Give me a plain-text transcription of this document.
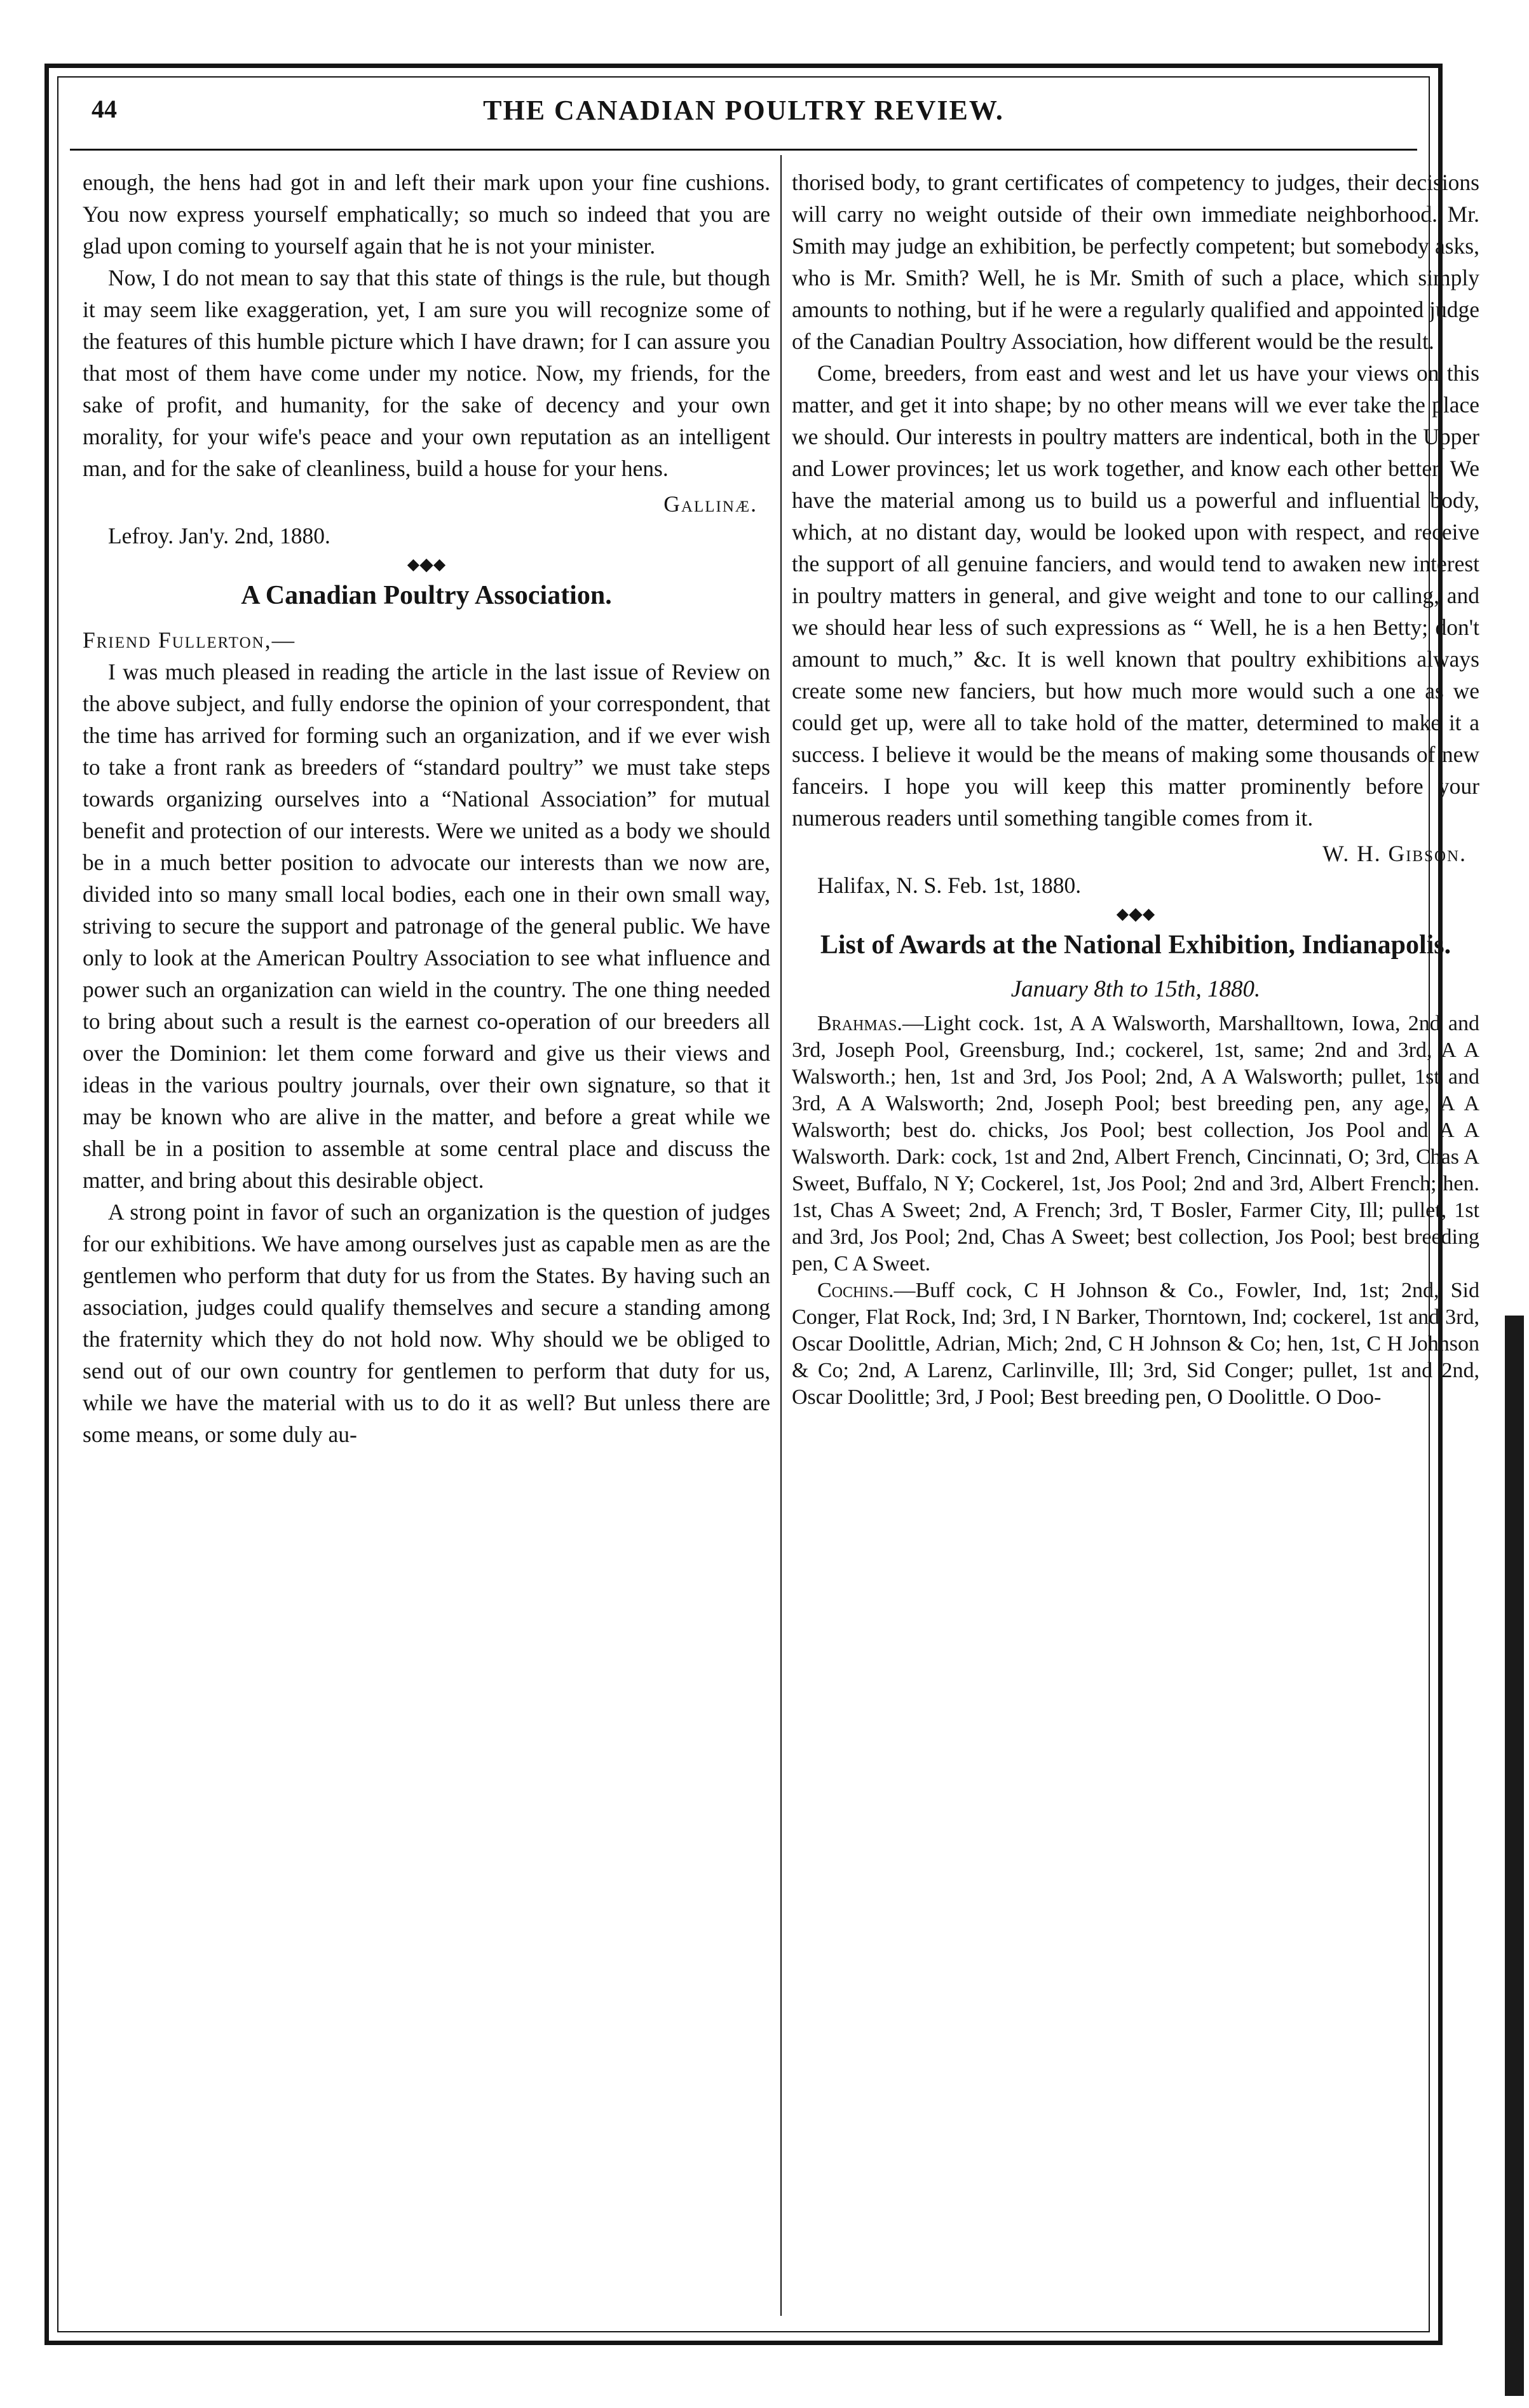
44	THE CANADIAN POULTRY REVIEW.

enough, the hens had got in and left their mark upon your fine cushions. You now express yourself emphatically; so much so indeed that you are glad upon coming to yourself again that he is not your minister.

Now, I do not mean to say that this state of things is the rule, but though it may seem like exaggeration, yet, I am sure you will recognize some of the features of this humble picture which I have drawn; for I can assure you that most of them have come under my notice. Now, my friends, for the sake of profit, and humanity, for the sake of decency and your own morality, for your wife's peace and your own reputation as an intelligent man, and for the sake of cleanliness, build a house for your hens.

Gallinæ.
Lefroy. Jan'y. 2nd, 1880.
⬥◆⬥
A Canadian Poultry Association.
Friend Fullerton,—

I was much pleased in reading the article in the last issue of Review on the above subject, and fully endorse the opinion of your correspondent, that the time has arrived for forming such an organization, and if we ever wish to take a front rank as breeders of “standard poultry” we must take steps towards organizing ourselves into a “National Association” for mutual benefit and protection of our interests. Were we united as a body we should be in a much better position to advocate our interests than we now are, divided into so many small local bodies, each one in their own small way, striving to secure the support and patronage of the general public. We have only to look at the American Poultry Association to see what influence and power such an organization can wield in the country. The one thing needed to bring about such a result is the earnest co-operation of our breeders all over the Dominion: let them come forward and give us their views and ideas in the various poultry journals, over their own signature, so that it may be known who are alive in the matter, and before a great while we shall be in a position to assemble at some central place and discuss the matter, and bring about this desirable object.

A strong point in favor of such an organization is the question of judges for our exhibitions. We have among ourselves just as capable men as are the gentlemen who perform that duty for us from the States. By having such an association, judges could qualify themselves and secure a standing among the fraternity which they do not hold now. Why should we be obliged to send out of our own country for gentlemen to perform that duty for us, while we have the material with us to do it as well? But unless there are some means, or some duly au-

thorised body, to grant certificates of competency to judges, their decisions will carry no weight outside of their own immediate neighborhood. Mr. Smith may judge an exhibition, be perfectly competent; but somebody asks, who is Mr. Smith? Well, he is Mr. Smith of such a place, which simply amounts to nothing, but if he were a regularly qualified and appointed judge of the Canadian Poultry Association, how different would be the result.

Come, breeders, from east and west and let us have your views on this matter, and get it into shape; by no other means will we ever take the place we should. Our interests in poultry matters are indentical, both in the Upper and Lower provinces; let us work together, and know each other better. We have the material among us to build us a powerful and influential body, which, at no distant day, would be looked upon with respect, and receive the support of all genuine fanciers, and would tend to awaken new interest in poultry matters in general, and give weight and tone to our calling, and we should hear less of such expressions as “ Well, he is a hen Betty; don't amount to much,” &c. It is well known that poultry exhibitions always create some new fanciers, but how much more would such a one as we could get up, were all to take hold of the matter, determined to make it a success. I believe it would be the means of making some thousands of new fanceirs. I hope you will keep this matter prominently before your numerous readers until something tangible comes from it.

W. H. Gibson.
Halifax, N. S. Feb. 1st, 1880.
⬥◆⬥
List of Awards at the National Exhibition, Indianapolis.
January 8th to 15th, 1880.

Brahmas.—Light cock. 1st, A A Walsworth, Marshalltown, Iowa, 2nd and 3rd, Joseph Pool, Greensburg, Ind.; cockerel, 1st, same; 2nd and 3rd, A A Walsworth.; hen, 1st and 3rd, Jos Pool; 2nd, A A Walsworth; pullet, 1st and 3rd, A A Walsworth; 2nd, Joseph Pool; best breeding pen, any age, A A Walsworth; best do. chicks, Jos Pool; best collection, Jos Pool and A A Walsworth. Dark: cock, 1st and 2nd, Albert French, Cincinnati, O; 3rd, Chas A Sweet, Buffalo, N Y; Cockerel, 1st, Jos Pool; 2nd and 3rd, Albert French; hen. 1st, Chas A Sweet; 2nd, A French; 3rd, T Bosler, Farmer City, Ill; pullet, 1st and 3rd, Jos Pool; 2nd, Chas A Sweet; best collection, Jos Pool; best breeding pen, C A Sweet.

Cochins.—Buff cock, C H Johnson & Co., Fowler, Ind, 1st; 2nd, Sid Conger, Flat Rock, Ind; 3rd, I N Barker, Thorntown, Ind; cockerel, 1st and 3rd, Oscar Doolittle, Adrian, Mich; 2nd, C H Johnson & Co; hen, 1st, C H Johnson & Co; 2nd, A Larenz, Carlinville, Ill; 3rd, Sid Conger; pullet, 1st and 2nd, Oscar Doolittle; 3rd, J Pool; Best breeding pen, O Doolittle. O Doo-
